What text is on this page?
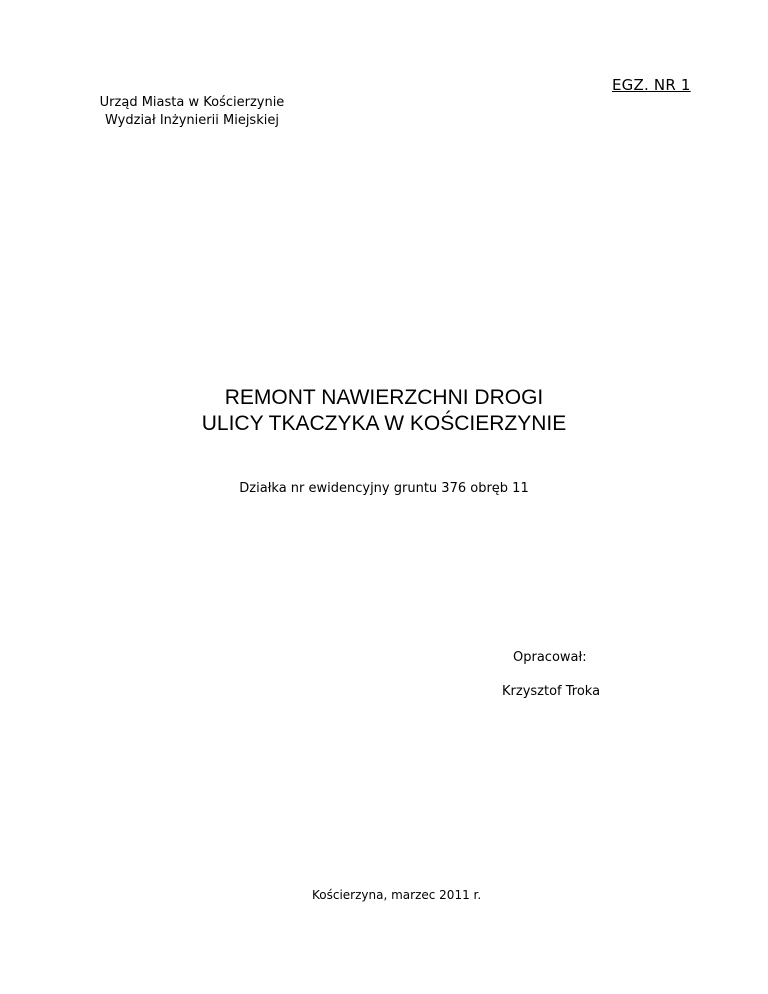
EGZ. NR 1
Urząd Miasta w Kościerzynie
Wydział Inżynierii Miejskiej
REMONT NAWIERZCHNI DROGI
ULICY TKACZYKA W KOŚCIERZYNIE
Działka nr ewidencyjny gruntu 376 obręb 11
Opracował:
Krzysztof Troka
Kościerzyna, marzec 2011 r.
